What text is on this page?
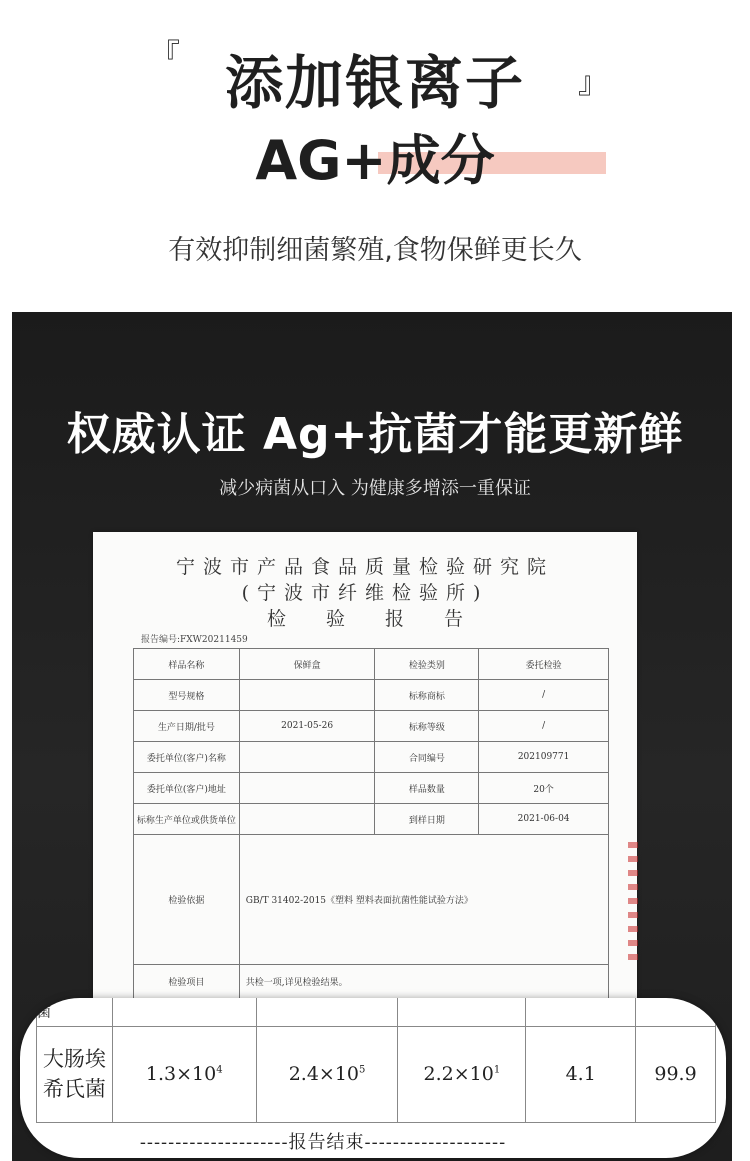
『
』
添加银离子
AG+成分
有效抑制细菌繁殖,食物保鲜更长久
权威认证 Ag+抗菌才能更新鲜
减少病菌从口入 为健康多增添一重保证
宁波市产品食品质量检验研究院
(宁波市纤维检验所)
检验报告
报告编号:FXW20211459
样品名称	保鲜盒	检验类别	委托检验
型号规格		标称商标	/
生产日期/批号	2021-05-26	标称等级	/
委托单位(客户)名称		合同编号	202109771
委托单位(客户)地址		样品数量	20个
标称生产单位或供货单位		到样日期	2021-06-04
检验依据	GB/T 31402-2015《塑料 塑料表面抗菌性能试验方法》		
检验项目	共检一项,详见检验结果。		
菌					
大肠埃
希氏菌	$1.3\times 10^4$	$2.4\times 10^5$	$2.2\times 10^1$	4.1	99.9
---------------------报告结束--------------------
